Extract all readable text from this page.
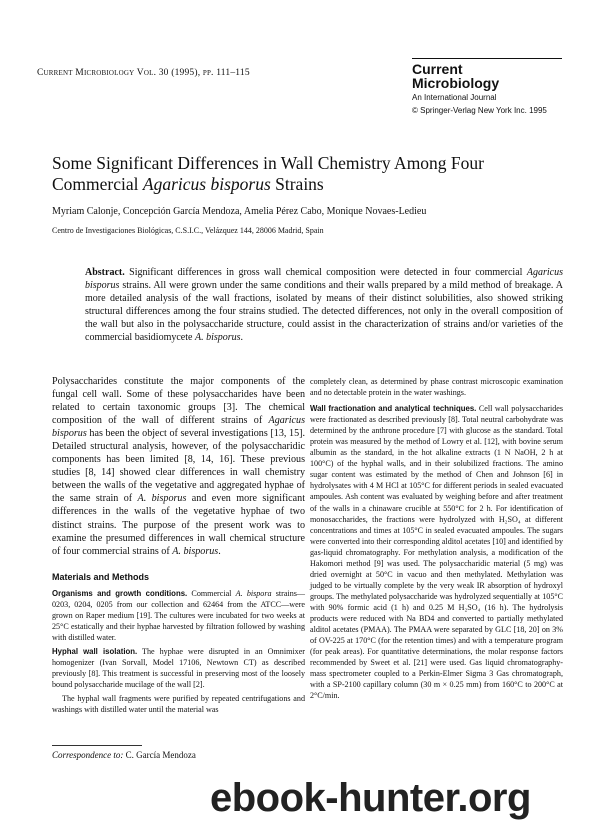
Current Microbiology Vol. 30 (1995), pp. 111–115	Current
Microbiology
An International Journal
© Springer-Verlag New York Inc. 1995
Some Significant Differences in Wall Chemistry Among Four
Commercial Agaricus bisporus Strains
Myriam Calonje, Concepción García Mendoza, Amelia Pérez Cabo, Monique Novaes-Ledieu
Centro de Investigaciones Biológicas, C.S.I.C., Velázquez 144, 28006 Madrid, Spain
Abstract. Significant differences in gross wall chemical composition were detected in four commercial Agaricus bisporus strains. All were grown under the same conditions and their walls prepared by a mild method of breakage. A more detailed analysis of the wall fractions, isolated by means of their distinct solubilities, also showed striking structural differences among the four strains studied. The detected differences, not only in the overall composition of the wall but also in the polysaccharide structure, could assist in the characterization of strains and/or varieties of the commercial basidiomycete A. bisporus.

Polysaccharides constitute the major components of the fungal cell wall. Some of these polysaccharides have been related to certain taxonomic groups [3]. The chemical composition of the wall of different strains of Agaricus bisporus has been the object of several investigations [13, 15]. Detailed structural analysis, however, of the polysaccharidic components has been limited [8, 14, 16]. These previous studies [8, 14] showed clear differences in wall chemistry between the walls of the vegetative and aggregated hyphae of the same strain of A. bisporus and even more significant differences in the walls of the vegetative hyphae of two distinct strains. The purpose of the present work was to examine the presumed differences in wall chemical structure of four commercial strains of A. bisporus.

Materials and Methods

Organisms and growth conditions. Commercial A. bispora strains—0203, 0204, 0205 from our collection and 62464 from the ATCC—were grown on Raper medium [19]. The cultures were incubated for two weeks at 25°C estatically and their hyphae harvested by filtration followed by washing with distilled water.

Hyphal wall isolation. The hyphae were disrupted in an Omnimixer homogenizer (Ivan Sorvall, Model 17106, Newtown CT) as described previously [8]. This treatment is successful in preserving most of the loosely bound polysaccharide mucilage of the wall [2].

The hyphal wall fragments were purified by repeated centrifugations and washings with distilled water until the material was

Correspondence to: C. García Mendoza

completely clean, as determined by phase contrast microscopic examination and no detectable protein in the water washings.

Wall fractionation and analytical techniques. Cell wall polysaccharides were fractionated as described previously [8]. Total neutral carbohydrate was determined by the anthrone procedure [7] with glucose as the standard. Total protein was measured by the method of Lowry et al. [12], with bovine serum albumin as the standard, in the hot alkaline extracts (1 N NaOH, 2 h at 100°C) of the hyphal walls, and in their solubilized fractions. The amino sugar content was estimated by the method of Chen and Johnson [6] in hydrolysates with 4 M HCl at 105°C for different periods in sealed evacuated ampoules. Ash content was evaluated by weighing before and after treatment of the walls in a chinaware crucible at 550°C for 2 h. For identification of monosaccharides, the fractions were hydrolyzed with H₂SO₄ at different concentrations and times at 105°C in sealed evacuated ampoules. The sugars were converted into their corresponding alditol acetates [10] and identified by gas-liquid chromatography. For methylation analysis, a modification of the Hakomori method [9] was used. The polysaccharidic material (5 mg) was dried overnight at 50°C in vacuo and then methylated. Methylation was judged to be virtually complete by the very weak IR absorption of hydroxyl groups. The methylated polysaccharide was hydrolyzed sequentially at 105°C with 90% formic acid (1 h) and 0.25 M H₂SO₄ (16 h). The hydrolysis products were reduced with Na BD4 and converted to partially methylated alditol acetates (PMAA). The PMAA were separated by GLC [18, 20] on 3% of OV-225 at 170°C (for the retention times) and with a temperature program (for peak areas). For quantitative determinations, the molar response factors recommended by Sweet et al. [21] were used. Gas liquid chromatography-mass spectrometer coupled to a Perkin-Elmer Sigma 3 Gas chromatograph, with a SP-2100 capillary column (30 m × 0.25 mm) from 160°C to 200°C at 2°C/min.

ebook-hunter.org
